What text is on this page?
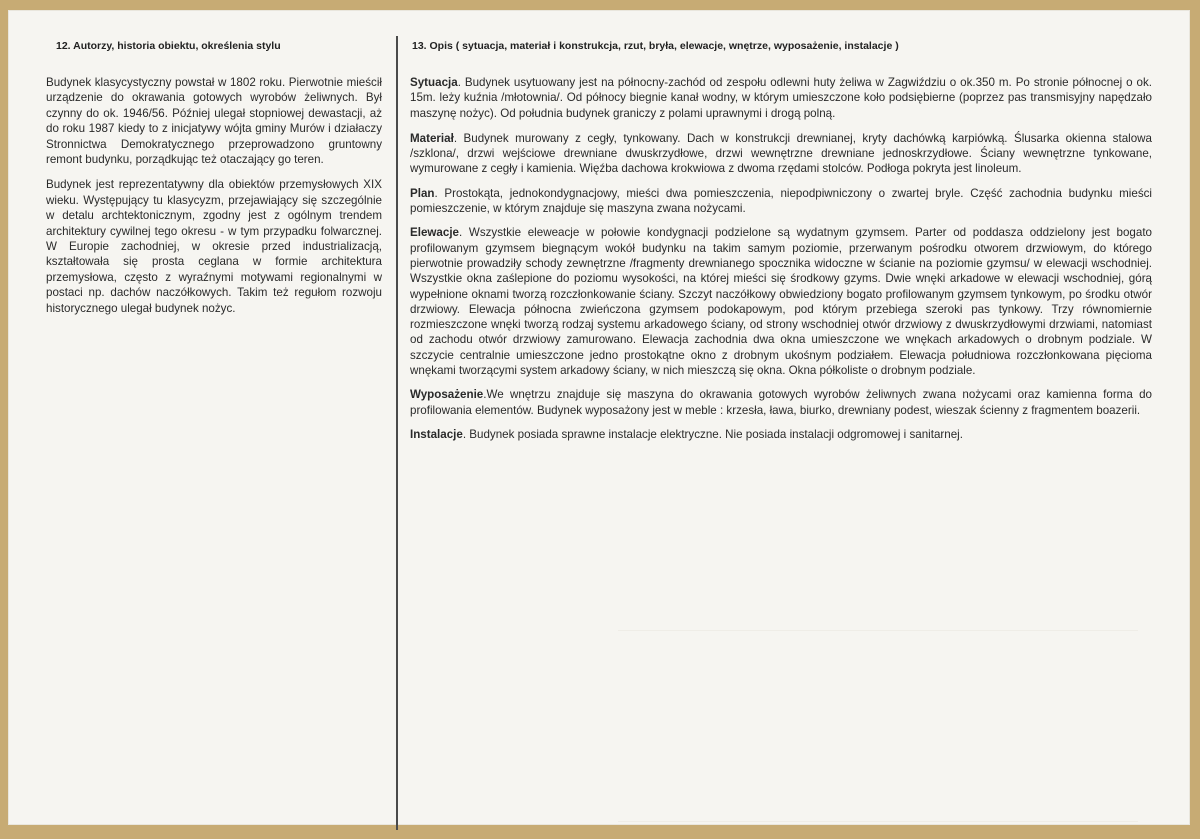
12. Autorzy, historia obiektu, określenia stylu

Budynek klasycystyczny powstał w 1802 roku. Pierwotnie mieścił urządzenie do okrawania gotowych wyrobów żeliwnych. Był czynny do ok. 1946/56. Później ulegał stopniowej dewastacji, aż do roku 1987 kiedy to z inicjatywy wójta gminy Murów i działaczy Stronnictwa Demokratycznego przeprowadzono gruntowny remont budynku, porządkując też otaczający go teren.

Budynek jest reprezentatywny dla obiektów przemysłowych XIX wieku. Występujący tu klasycyzm, przejawiający się szczególnie w detalu archtektonicznym, zgodny jest z ogólnym trendem architektury cywilnej tego okresu - w tym przypadku folwarcznej. W Europie zachodniej, w okresie przed industrializacją, kształtowała się prosta ceglana w formie architektura przemysłowa, często z wyraźnymi motywami regionalnymi w postaci np. dachów naczółkowych. Takim też regułom rozwoju historycznego ulegał budynek nożyc.

13. Opis ( sytuacja, materiał i konstrukcja, rzut, bryła, elewacje, wnętrze, wyposażenie, instalacje )
Sytuacja. Budynek usytuowany jest na północny-zachód od zespołu odlewni huty żeliwa w Zagwiździu o ok.350 m. Po stronie północnej o ok. 15m. leży kuźnia /młotownia/. Od północy biegnie kanał wodny, w którym umieszczone koło podsiębierne (poprzez pas transmisyjny napędzało maszynę nożyc). Od południa budynek graniczy z polami uprawnymi i drogą polną.
Materiał. Budynek murowany z cegły, tynkowany. Dach w konstrukcji drewnianej, kryty dachówką karpiówką. Ślusarka okienna stalowa /szklona/, drzwi wejściowe drewniane dwuskrzydłowe, drzwi wewnętrzne drewniane jednoskrzydłowe. Ściany wewnętrzne tynkowane, wymurowane z cegły i kamienia. Więźba dachowa krokwiowa z dwoma rzędami stolców. Podłoga pokryta jest linoleum.
Plan. Prostokąta, jednokondygnacjowy, mieści dwa pomieszczenia, niepodpiwniczony o zwartej bryle. Część zachodnia budynku mieści pomieszczenie, w którym znajduje się maszyna zwana nożycami.
Elewacje. Wszystkie eleweacje w połowie kondygnacji podzielone są wydatnym gzymsem. Parter od poddasza oddzielony jest bogato profilowanym gzymsem biegnącym wokół budynku na takim samym poziomie, przerwanym pośrodku otworem drzwiowym, do którego pierwotnie prowadziły schody zewnętrzne /fragmenty drewnianego spocznika widoczne w ścianie na poziomie gzymsu/ w elewacji wschodniej. Wszystkie okna zaślepione do poziomu wysokości, na której mieści się środkowy gzyms. Dwie wnęki arkadowe w elewacji wschodniej, górą wypełnione oknami tworzą rozczłonkowanie ściany. Szczyt naczółkowy obwiedziony bogato profilowanym gzymsem tynkowym, po środku otwór drzwiowy. Elewacja północna zwieńczona gzymsem podokapowym, pod którym przebiega szeroki pas tynkowy. Trzy równomiernie rozmieszczone wnęki tworzą rodzaj systemu arkadowego ściany, od strony wschodniej otwór drzwiowy z dwuskrzydłowymi drzwiami, natomiast od zachodu otwór drzwiowy zamurowano. Elewacja zachodnia dwa okna umieszczone we wnękach arkadowych o drobnym podziale. W szczycie centralnie umieszczone jedno prostokątne okno z drobnym ukośnym podziałem. Elewacja południowa rozczłonkowana pięcioma wnękami tworzącymi system arkadowy ściany, w nich mieszczą się okna. Okna półkoliste o drobnym podziale.
Wyposażenie.We wnętrzu znajduje się maszyna do okrawania gotowych wyrobów żeliwnych zwana nożycami oraz kamienna forma do profilowania elementów. Budynek wyposażony jest w meble : krzesła, ława, biurko, drewniany podest, wieszak ścienny z fragmentem boazerii.
Instalacje. Budynek posiada sprawne instalacje elektryczne. Nie posiada instalacji odgromowej i sanitarnej.
